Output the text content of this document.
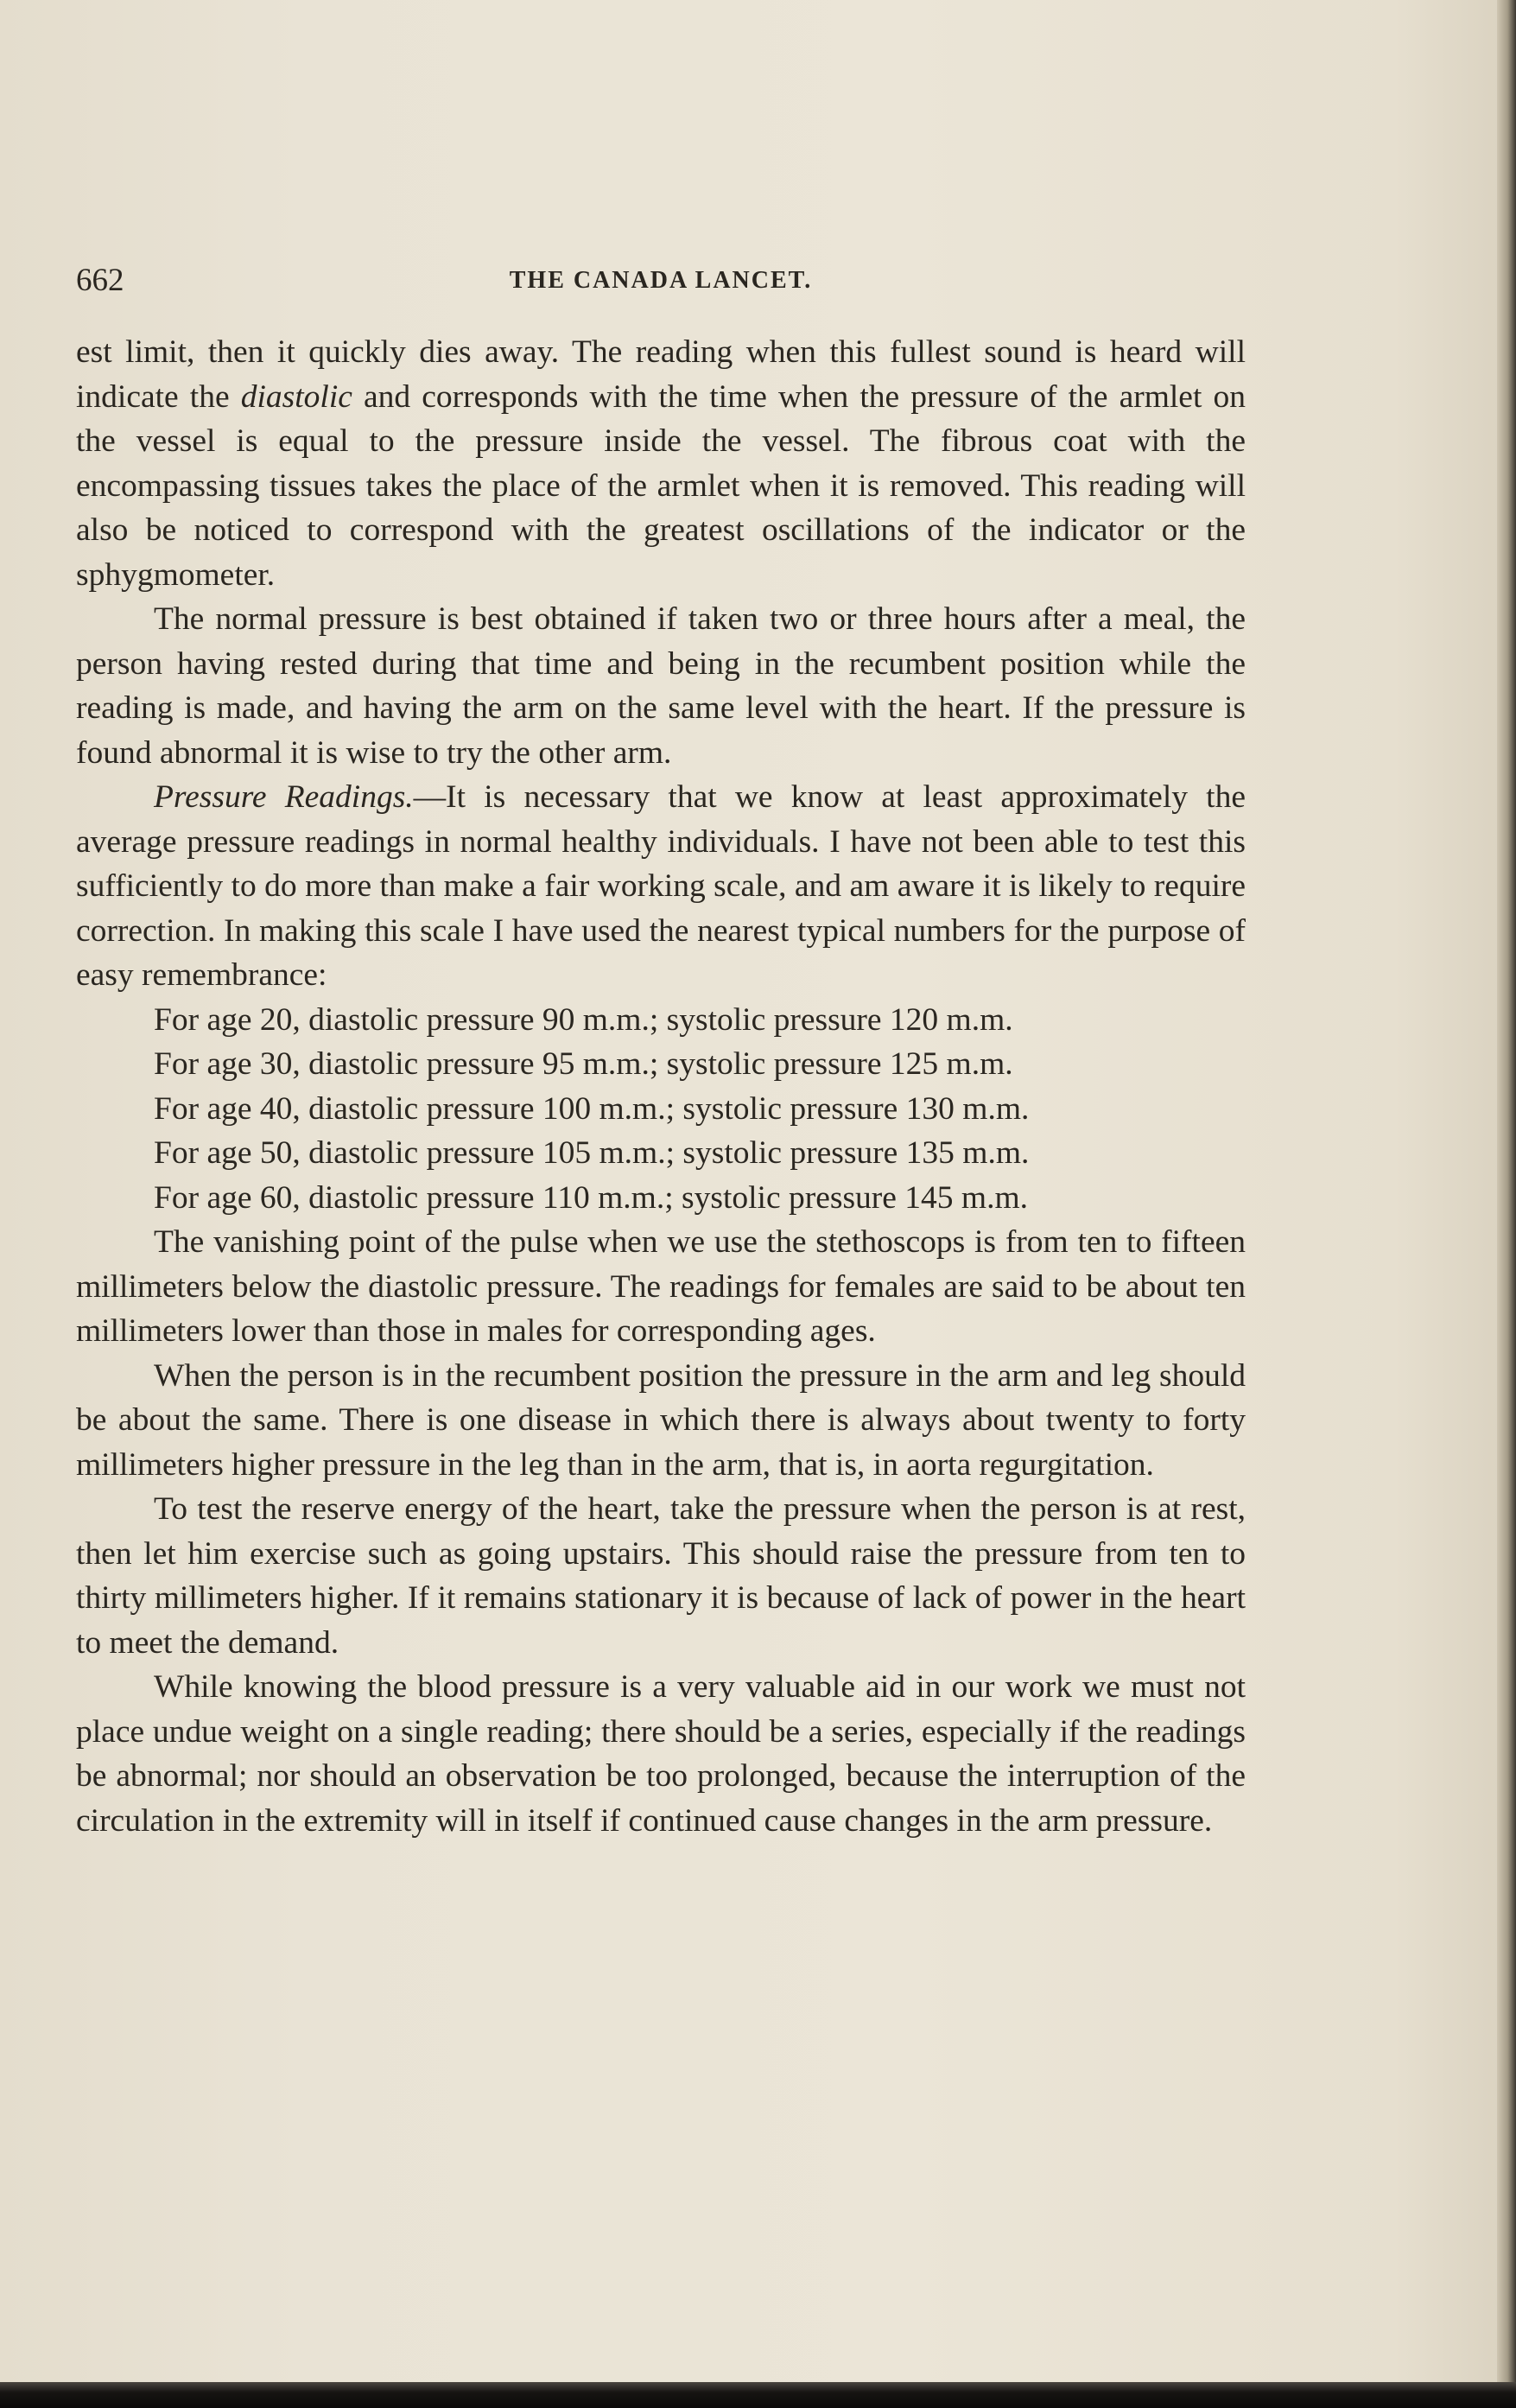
662	THE CANADA LANCET.

est limit, then it quickly dies away. The reading when this fullest sound is heard will indicate the diastolic and corresponds with the time when the pressure of the armlet on the vessel is equal to the pressure inside the vessel. The fibrous coat with the encompassing tissues takes the place of the armlet when it is removed. This reading will also be noticed to correspond with the greatest oscillations of the indicator or the sphygmometer.

The normal pressure is best obtained if taken two or three hours after a meal, the person having rested during that time and being in the recumbent position while the reading is made, and having the arm on the same level with the heart. If the pressure is found abnormal it is wise to try the other arm.

Pressure Readings.—It is necessary that we know at least approximately the average pressure readings in normal healthy individuals. I have not been able to test this sufficiently to do more than make a fair working scale, and am aware it is likely to require correction. In making this scale I have used the nearest typical numbers for the purpose of easy remembrance:

For age 20, diastolic pressure 90 m.m.; systolic pressure 120 m.m.

For age 30, diastolic pressure 95 m.m.; systolic pressure 125 m.m.

For age 40, diastolic pressure 100 m.m.; systolic pressure 130 m.m.

For age 50, diastolic pressure 105 m.m.; systolic pressure 135 m.m.

For age 60, diastolic pressure 110 m.m.; systolic pressure 145 m.m.

The vanishing point of the pulse when we use the stethoscops is from ten to fifteen millimeters below the diastolic pressure. The readings for females are said to be about ten millimeters lower than those in males for corresponding ages.

When the person is in the recumbent position the pressure in the arm and leg should be about the same. There is one disease in which there is always about twenty to forty millimeters higher pressure in the leg than in the arm, that is, in aorta regurgitation.

To test the reserve energy of the heart, take the pressure when the person is at rest, then let him exercise such as going upstairs. This should raise the pressure from ten to thirty millimeters higher. If it remains stationary it is because of lack of power in the heart to meet the demand.

While knowing the blood pressure is a very valuable aid in our work we must not place undue weight on a single reading; there should be a series, especially if the readings be abnormal; nor should an observation be too prolonged, because the interruption of the circulation in the extremity will in itself if continued cause changes in the arm pressure.
